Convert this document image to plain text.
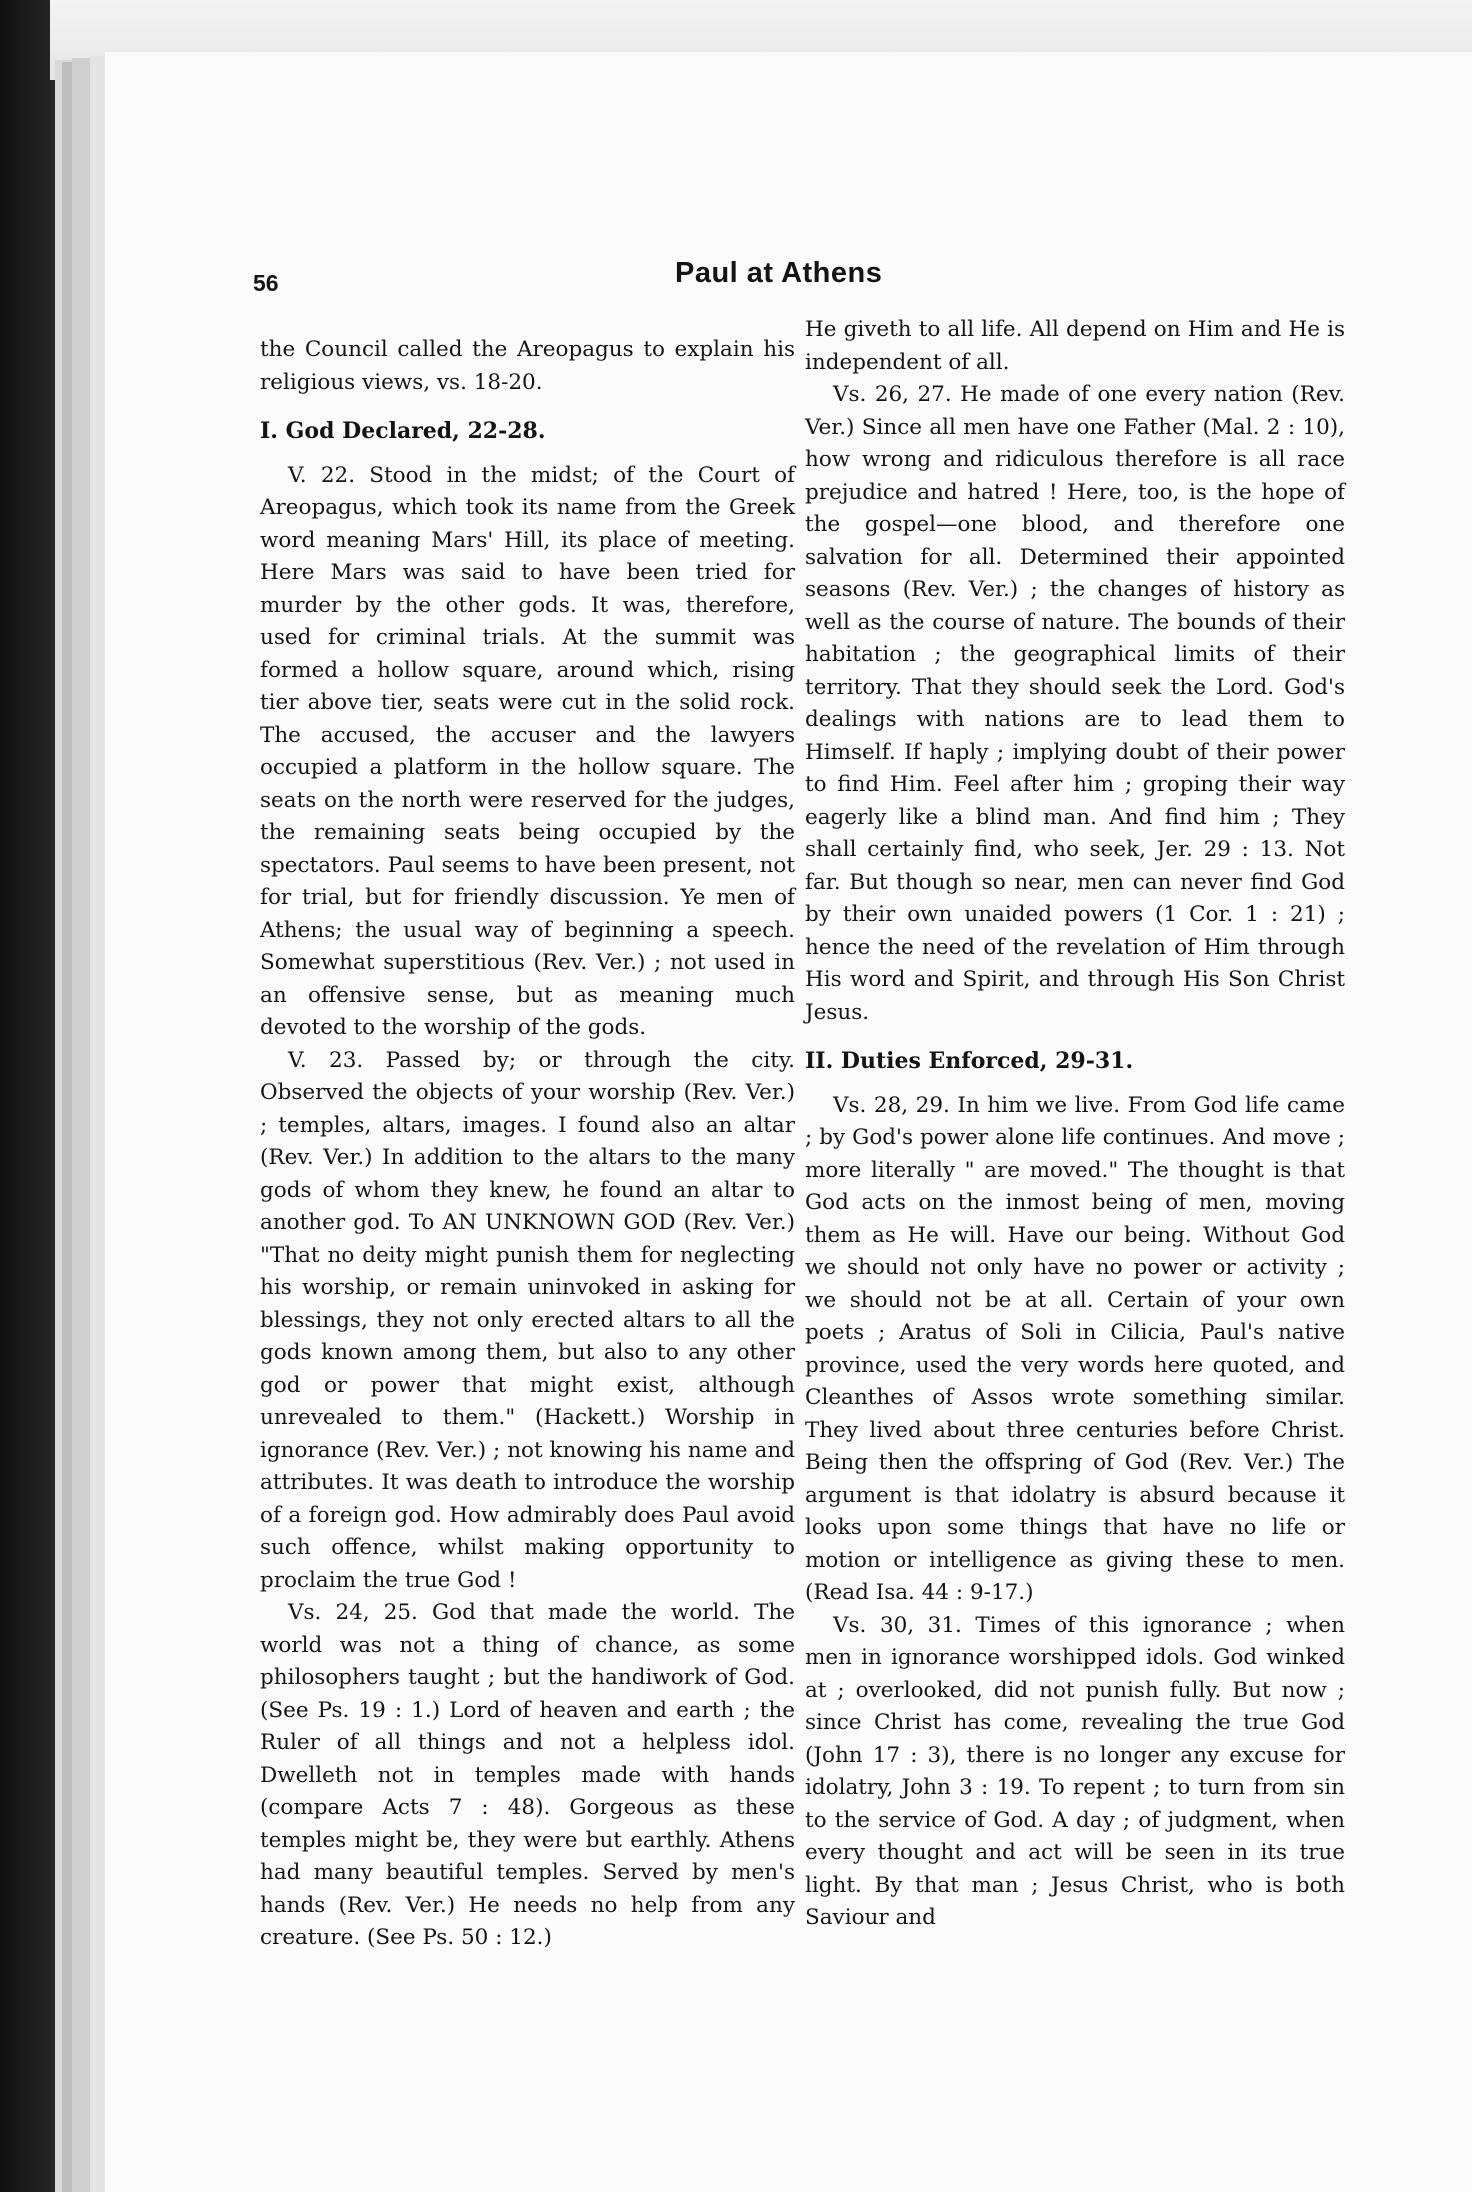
56	Paul at Athens

the Council called the Areopagus to explain his religious views, vs. 18-20.

I. God Declared, 22-28.

V. 22. Stood in the midst; of the Court of Areopagus, which took its name from the Greek word meaning Mars' Hill, its place of meeting. Here Mars was said to have been tried for murder by the other gods. It was, therefore, used for criminal trials. At the summit was formed a hollow square, around which, rising tier above tier, seats were cut in the solid rock. The accused, the accuser and the lawyers occupied a platform in the hollow square. The seats on the north were reserved for the judges, the remaining seats being occupied by the spectators. Paul seems to have been present, not for trial, but for friendly discussion. Ye men of Athens; the usual way of beginning a speech. Somewhat superstitious (Rev. Ver.) ; not used in an offensive sense, but as meaning much devoted to the worship of the gods.

V. 23. Passed by; or through the city. Observed the objects of your worship (Rev. Ver.) ; temples, altars, images. I found also an altar (Rev. Ver.) In addition to the altars to the many gods of whom they knew, he found an altar to another god. To AN UNKNOWN GOD (Rev. Ver.) "That no deity might punish them for neglecting his worship, or remain uninvoked in asking for blessings, they not only erected altars to all the gods known among them, but also to any other god or power that might exist, although unrevealed to them." (Hackett.) Worship in ignorance (Rev. Ver.) ; not knowing his name and attributes. It was death to introduce the worship of a foreign god. How admirably does Paul avoid such offence, whilst making opportunity to proclaim the true God !

Vs. 24, 25. God that made the world. The world was not a thing of chance, as some philosophers taught ; but the handiwork of God. (See Ps. 19 : 1.) Lord of heaven and earth ; the Ruler of all things and not a helpless idol. Dwelleth not in temples made with hands (compare Acts 7 : 48). Gorgeous as these temples might be, they were but earthly. Athens had many beautiful temples. Served by men's hands (Rev. Ver.) He needs no help from any creature. (See Ps. 50 : 12.)

He giveth to all life. All depend on Him and He is independent of all.

Vs. 26, 27. He made of one every nation (Rev. Ver.) Since all men have one Father (Mal. 2 : 10), how wrong and ridiculous therefore is all race prejudice and hatred ! Here, too, is the hope of the gospel—one blood, and therefore one salvation for all. Determined their appointed seasons (Rev. Ver.) ; the changes of history as well as the course of nature. The bounds of their habitation ; the geographical limits of their territory. That they should seek the Lord. God's dealings with nations are to lead them to Himself. If haply ; implying doubt of their power to find Him. Feel after him ; groping their way eagerly like a blind man. And find him ; They shall certainly find, who seek, Jer. 29 : 13. Not far. But though so near, men can never find God by their own unaided powers (1 Cor. 1 : 21) ; hence the need of the revelation of Him through His word and Spirit, and through His Son Christ Jesus.

II. Duties Enforced, 29-31.

Vs. 28, 29. In him we live. From God life came ; by God's power alone life continues. And move ; more literally " are moved." The thought is that God acts on the inmost being of men, moving them as He will. Have our being. Without God we should not only have no power or activity ; we should not be at all. Certain of your own poets ; Aratus of Soli in Cilicia, Paul's native province, used the very words here quoted, and Cleanthes of Assos wrote something similar. They lived about three centuries before Christ. Being then the offspring of God (Rev. Ver.) The argument is that idolatry is absurd because it looks upon some things that have no life or motion or intelligence as giving these to men. (Read Isa. 44 : 9-17.)

Vs. 30, 31. Times of this ignorance ; when men in ignorance worshipped idols. God winked at ; overlooked, did not punish fully. But now ; since Christ has come, revealing the true God (John 17 : 3), there is no longer any excuse for idolatry, John 3 : 19. To repent ; to turn from sin to the service of God. A day ; of judgment, when every thought and act will be seen in its true light. By that man ; Jesus Christ, who is both Saviour and
